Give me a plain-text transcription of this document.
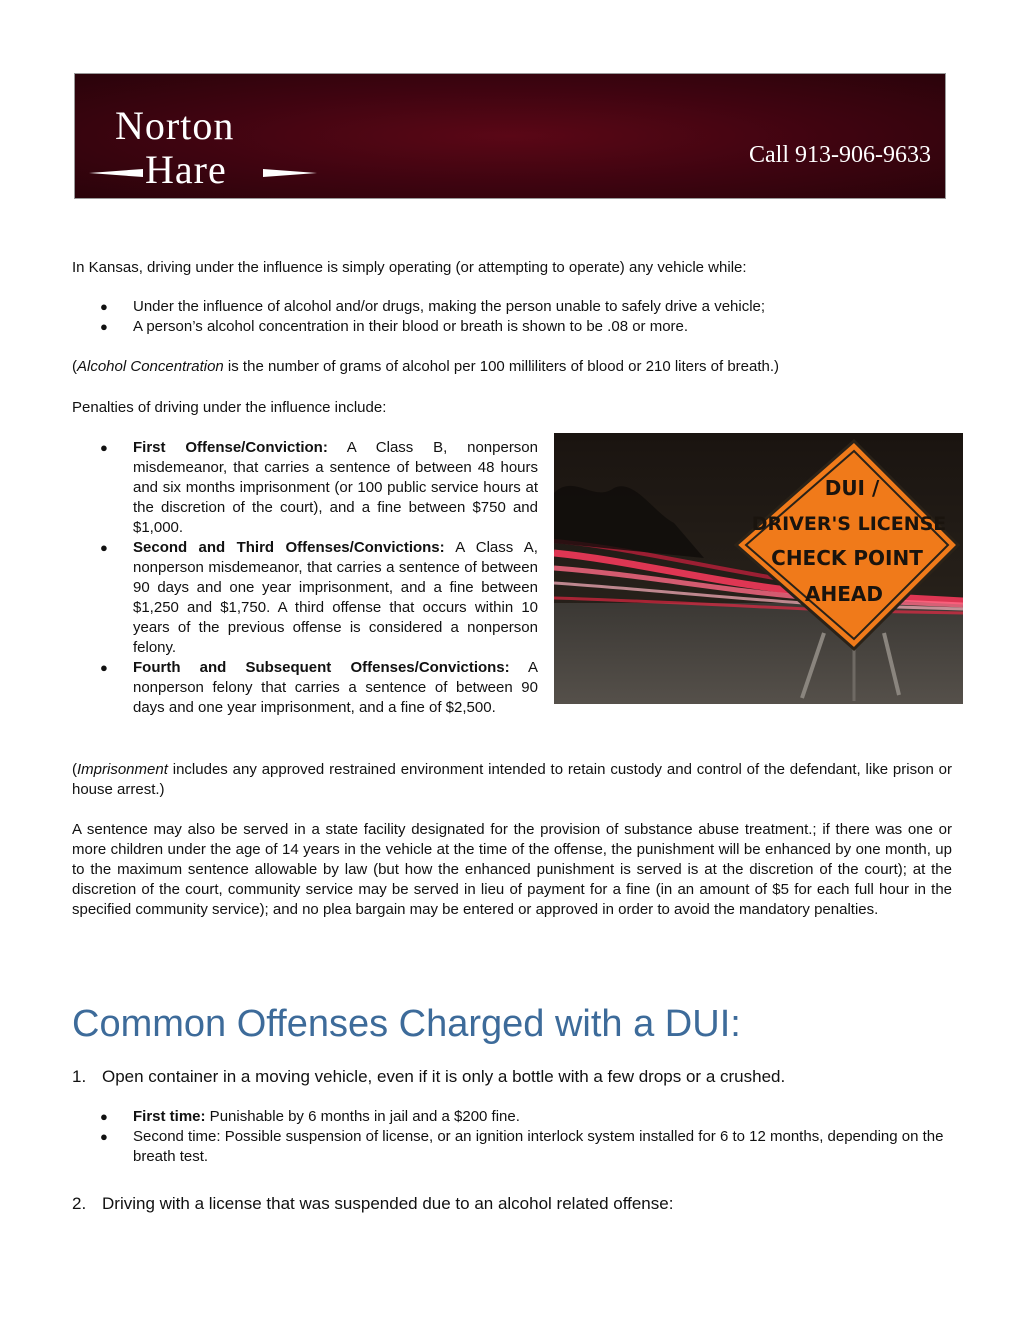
Norton
Hare	Call 913-906-9633
In Kansas, driving under the influence is simply operating (or attempting to operate) any vehicle while:
● Under the influence of alcohol and/or drugs, making the person unable to safely drive a vehicle;
● A person’s alcohol concentration in their blood or breath is shown to be .08 or more.
(Alcohol Concentration is the number of grams of alcohol per 100 milliliters of blood or 210 liters of breath.)
Penalties of driving under the influence include:
● First Offense/Conviction: A Class B, nonperson misdemeanor, that carries a sentence of between 48 hours and six months imprisonment (or 100 public service hours at the discretion of the court), and a fine between $750 and $1,000.
● Second and Third Offenses/Convictions: A Class A, nonperson misdemeanor, that carries a sentence of between 90 days and one year imprisonment, and a fine between $1,250 and $1,750. A third offense that occurs within 10 years of the previous offense is considered a nonperson felony.
● Fourth and Subsequent Offenses/Convictions: A nonperson felony that carries a sentence of between 90 days and one year imprisonment, and a fine of $2,500.
DUI /
DRIVER'S LICENSE
CHECK POINT
AHEAD
(Imprisonment includes any approved restrained environment intended to retain custody and control of the defendant, like prison or house arrest.)
A sentence may also be served in a state facility designated for the provision of substance abuse treatment.; if there was one or more children under the age of 14 years in the vehicle at the time of the offense, the punishment will be enhanced by one month, up to the maximum sentence allowable by law (but how the enhanced punishment is served is at the discretion of the court); at the discretion of the court, community service may be served in lieu of payment for a fine (in an amount of $5 for each full hour in the specified community service); and no plea bargain may be entered or approved in order to avoid the mandatory penalties.
Common Offenses Charged with a DUI:
1. Open container in a moving vehicle, even if it is only a bottle with a few drops or a crushed.
● First time: Punishable by 6 months in jail and a $200 fine.
● Second time: Possible suspension of license, or an ignition interlock system installed for 6 to 12 months, depending on the breath test.
2. Driving with a license that was suspended due to an alcohol related offense:
